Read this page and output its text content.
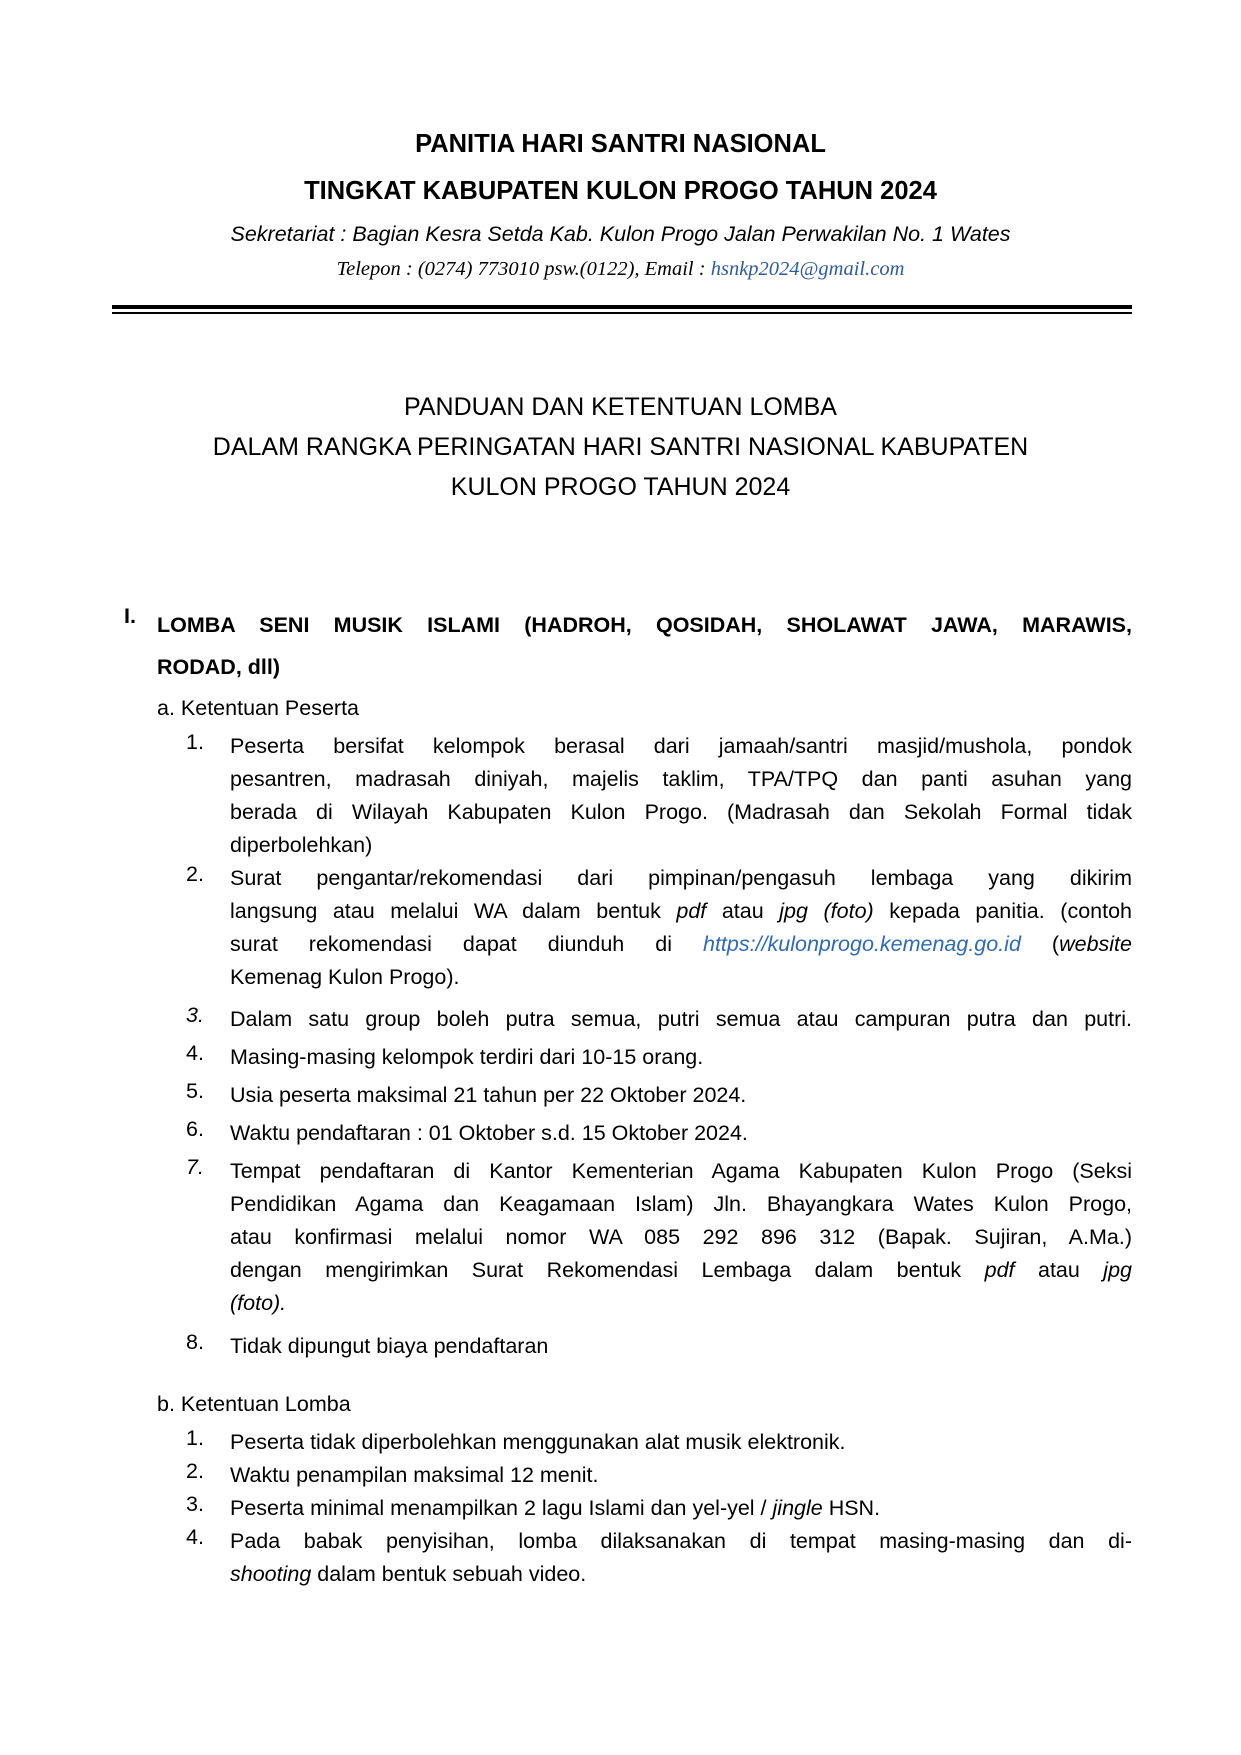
PANITIA HARI SANTRI NASIONAL
TINGKAT KABUPATEN KULON PROGO TAHUN 2024
Sekretariat : Bagian Kesra Setda Kab. Kulon Progo Jalan Perwakilan No. 1 Wates
Telepon : (0274) 773010 psw.(0122), Email : hsnkp2024@gmail.com
PANDUAN DAN KETENTUAN LOMBA
DALAM RANGKA PERINGATAN HARI SANTRI NASIONAL KABUPATEN
KULON PROGO TAHUN 2024
I. LOMBA SENI MUSIK ISLAMI (HADROH, QOSIDAH, SHOLAWAT JAWA, MARAWIS,
RODAD, dll)
a. Ketentuan Peserta
1. Peserta bersifat kelompok berasal dari jamaah/santri masjid/mushola, pondok
pesantren, madrasah diniyah, majelis taklim, TPA/TPQ dan panti asuhan yang
berada di Wilayah Kabupaten Kulon Progo. (Madrasah dan Sekolah Formal tidak
diperbolehkan)
2. Surat pengantar/rekomendasi dari pimpinan/pengasuh lembaga yang dikirim
langsung atau melalui WA dalam bentuk pdf atau jpg (foto) kepada panitia. (contoh
surat rekomendasi dapat diunduh di https://kulonprogo.kemenag.go.id (website
Kemenag Kulon Progo).
3. Dalam satu group boleh putra semua, putri semua atau campuran putra dan putri.
4. Masing-masing kelompok terdiri dari 10-15 orang.
5. Usia peserta maksimal 21 tahun per 22 Oktober 2024.
6. Waktu pendaftaran : 01 Oktober s.d. 15 Oktober 2024.
7. Tempat pendaftaran di Kantor Kementerian Agama Kabupaten Kulon Progo (Seksi
Pendidikan Agama dan Keagamaan Islam) Jln. Bhayangkara Wates Kulon Progo,
atau konfirmasi melalui nomor WA 085 292 896 312 (Bapak. Sujiran, A.Ma.)
dengan mengirimkan Surat Rekomendasi Lembaga dalam bentuk pdf atau jpg
(foto).
8. Tidak dipungut biaya pendaftaran
b. Ketentuan Lomba
1. Peserta tidak diperbolehkan menggunakan alat musik elektronik.
2. Waktu penampilan maksimal 12 menit.
3. Peserta minimal menampilkan 2 lagu Islami dan yel-yel / jingle HSN.
4. Pada babak penyisihan, lomba dilaksanakan di tempat masing-masing dan di-
shooting dalam bentuk sebuah video.
